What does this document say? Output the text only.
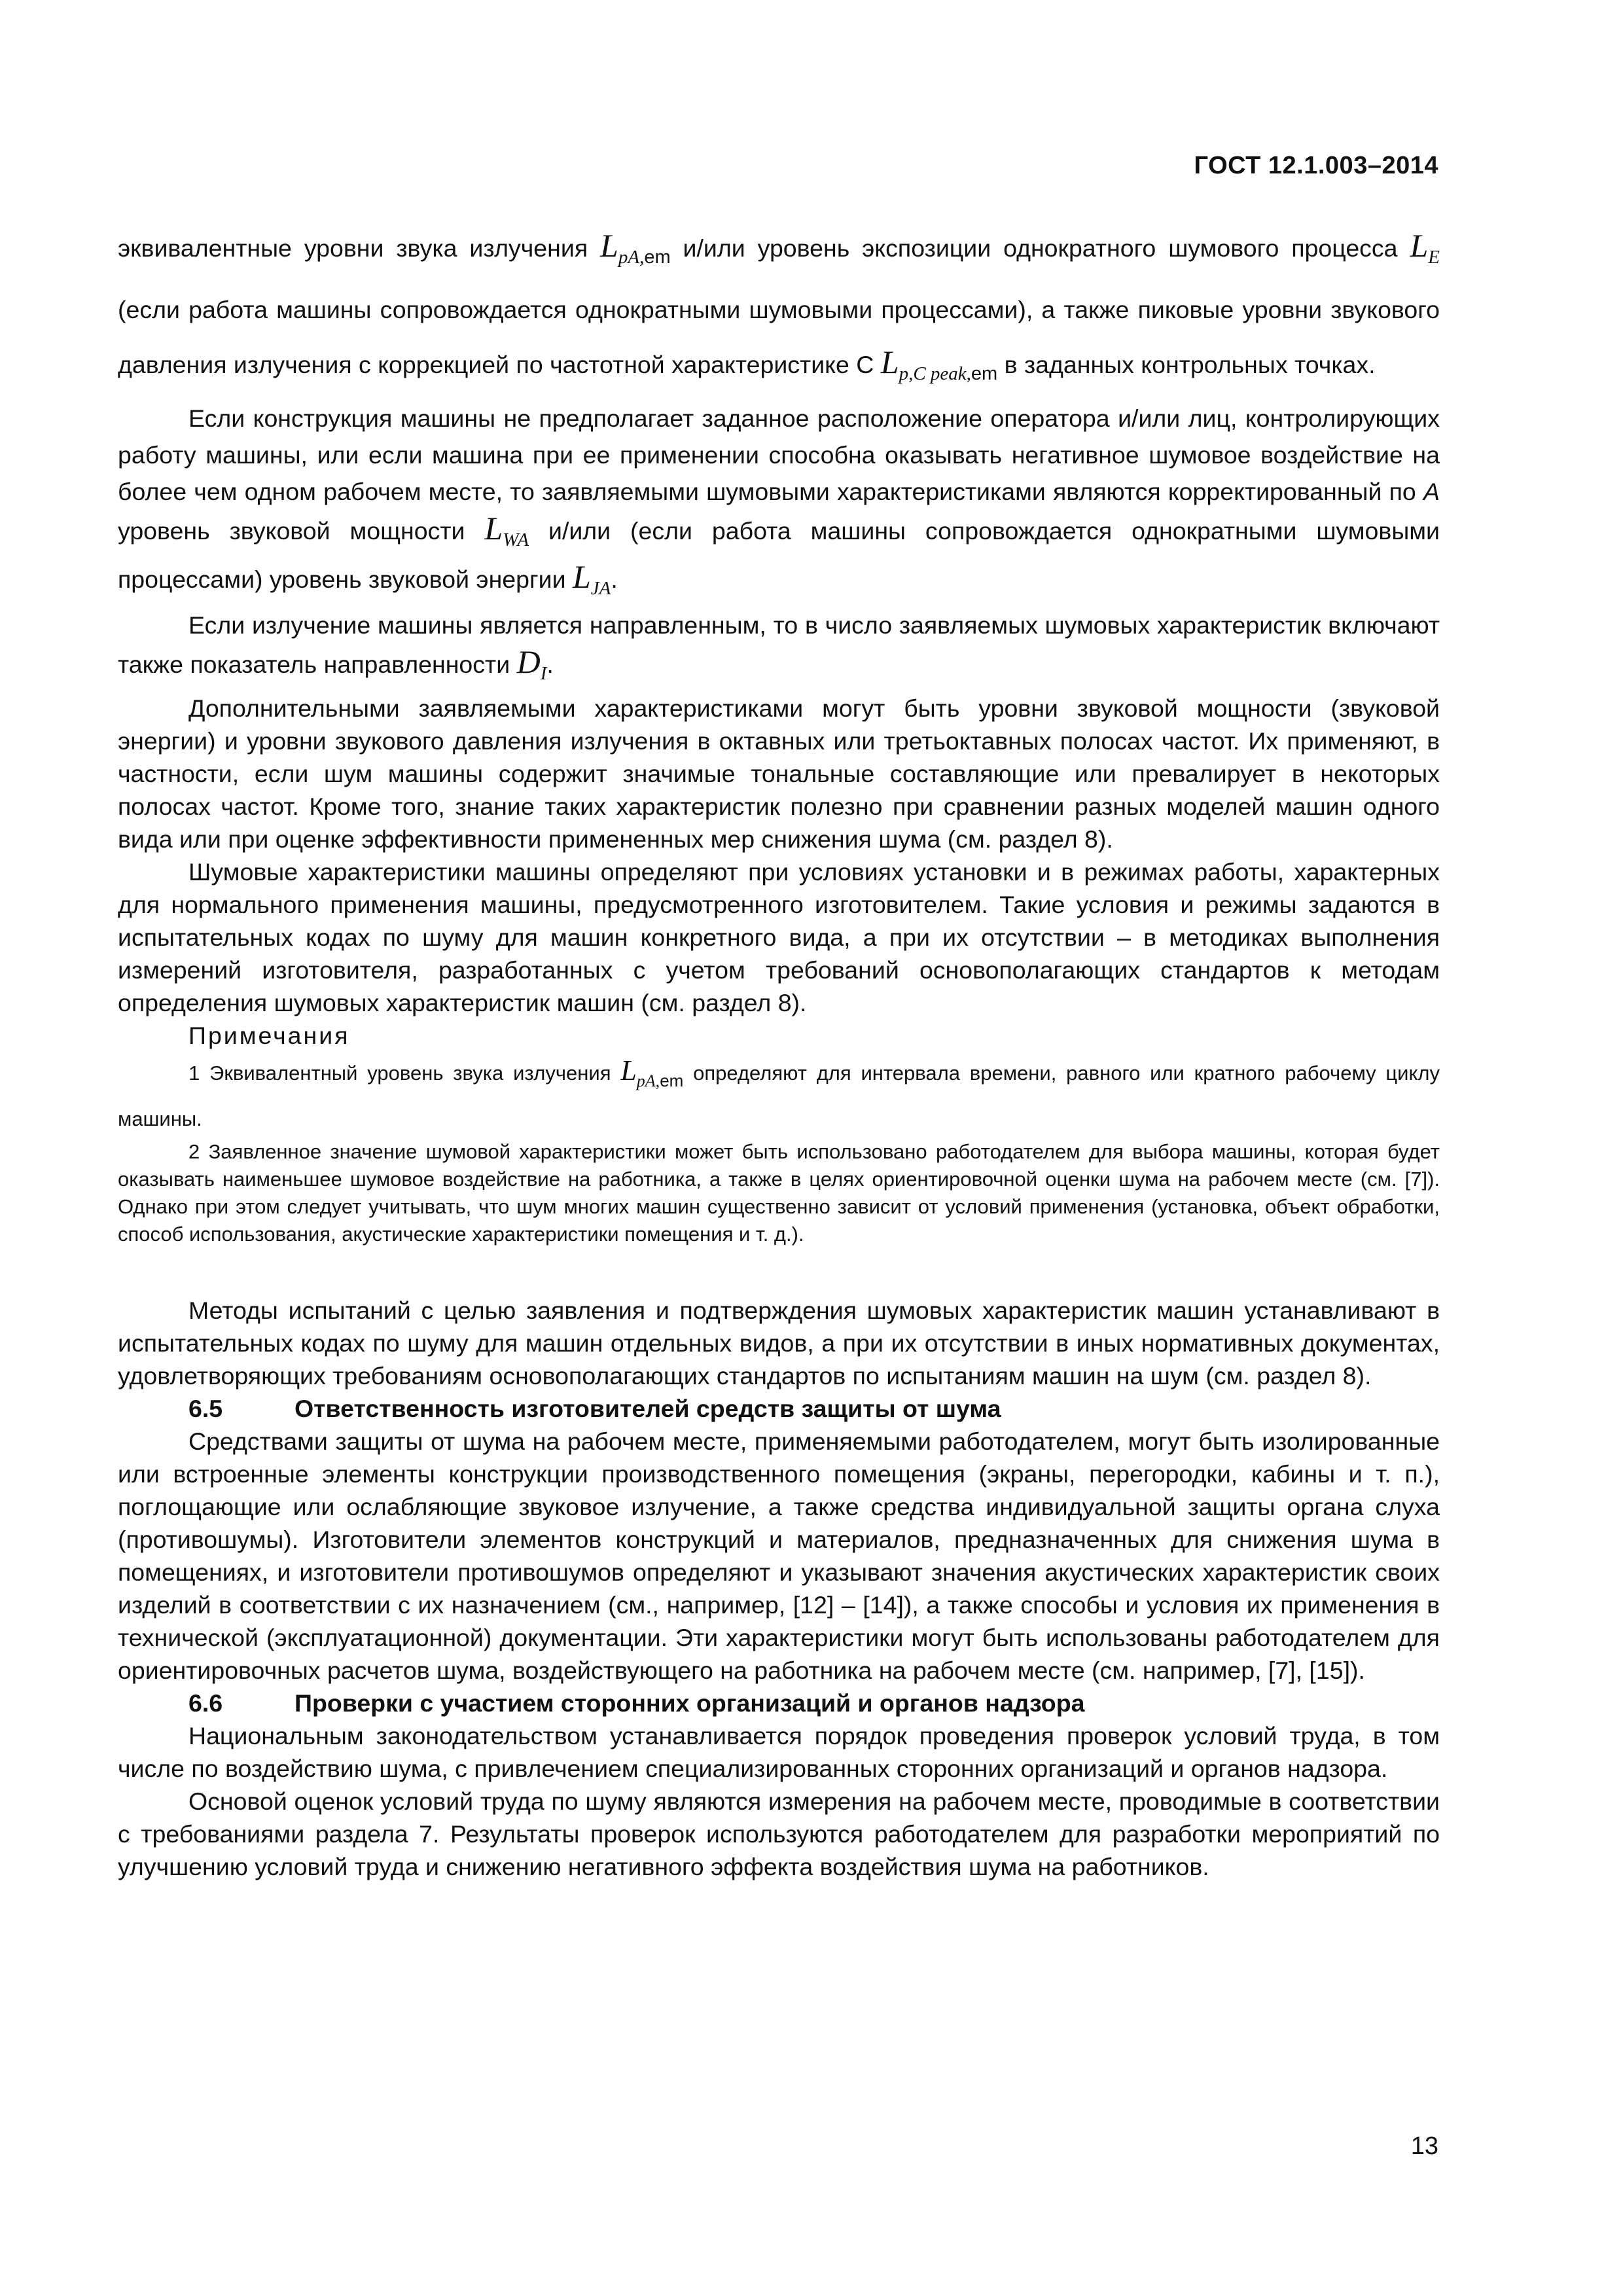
ГОСТ 12.1.003–2014

эквивалентные уровни звука излучения $L_{pA,em}$ и/или уровень экспозиции однократного шумового процесса $L_E$ (если работа машины сопровождается однократными шумовыми процессами), а также пиковые уровни звукового давления излучения с коррекцией по частотной характеристике С $L_{p,C peak,em}$ в заданных контрольных точках.

Если конструкция машины не предполагает заданное расположение оператора и/или лиц, контролирующих работу машины, или если машина при ее применении способна оказывать негативное шумовое воздействие на более чем одном рабочем месте, то заявляемыми шумовыми характеристиками являются корректированный по А уровень звуковой мощности $L_{WA}$ и/или (если работа машины сопровождается однократными шумовыми процессами) уровень звуковой энергии $L_{JA}$.

Если излучение машины является направленным, то в число заявляемых шумовых характеристик включают также показатель направленности $D_I$.

Дополнительными заявляемыми характеристиками могут быть уровни звуковой мощности (звуковой энергии) и уровни звукового давления излучения в октавных или третьоктавных полосах частот. Их применяют, в частности, если шум машины содержит значимые тональные составляющие или превалирует в некоторых полосах частот. Кроме того, знание таких характеристик полезно при сравнении разных моделей машин одного вида или при оценке эффективности примененных мер снижения шума (см. раздел 8).

Шумовые характеристики машины определяют при условиях установки и в режимах работы, характерных для нормального применения машины, предусмотренного изготовителем. Такие условия и режимы задаются в испытательных кодах по шуму для машин конкретного вида, а при их отсутствии – в методиках выполнения измерений изготовителя, разработанных с учетом требований основополагающих стандартов к методам определения шумовых характеристик машин (см. раздел 8).

Примечания

1 Эквивалентный уровень звука излучения $L_{pA,em}$ определяют для интервала времени, равного или кратного рабочему циклу машины.

2 Заявленное значение шумовой характеристики может быть использовано работодателем для выбора машины, которая будет оказывать наименьшее шумовое воздействие на работника, а также в целях ориентировочной оценки шума на рабочем месте (см. [7]). Однако при этом следует учитывать, что шум многих машин существенно зависит от условий применения (установка, объект обработки, способ использования, акустические характеристики помещения и т. д.).

Методы испытаний с целью заявления и подтверждения шумовых характеристик машин устанавливают в испытательных кодах по шуму для машин отдельных видов, а при их отсутствии в иных нормативных документах, удовлетворяющих требованиям основополагающих стандартов по испытаниям машин на шум (см. раздел 8).

6.5	Ответственность изготовителей средств защиты от шума

Средствами защиты от шума на рабочем месте, применяемыми работодателем, могут быть изолированные или встроенные элементы конструкции производственного помещения (экраны, перегородки, кабины и т. п.), поглощающие или ослабляющие звуковое излучение, а также средства индивидуальной защиты органа слуха (противошумы). Изготовители элементов конструкций и материалов, предназначенных для снижения шума в помещениях, и изготовители противошумов определяют и указывают значения акустических характеристик своих изделий в соответствии с их назначением (см., например, [12] – [14]), а также способы и условия их применения в технической (эксплуатационной) документации. Эти характеристики могут быть использованы работодателем для ориентировочных расчетов шума, воздействующего на работника на рабочем месте (см. например, [7], [15]).

6.6	Проверки с участием сторонних организаций и органов надзора

Национальным законодательством устанавливается порядок проведения проверок условий труда, в том числе по воздействию шума, с привлечением специализированных сторонних организаций и органов надзора.

Основой оценок условий труда по шуму являются измерения на рабочем месте, проводимые в соответствии с требованиями раздела 7. Результаты проверок используются работодателем для разработки мероприятий по улучшению условий труда и снижению негативного эффекта воздействия шума на работников.

13
